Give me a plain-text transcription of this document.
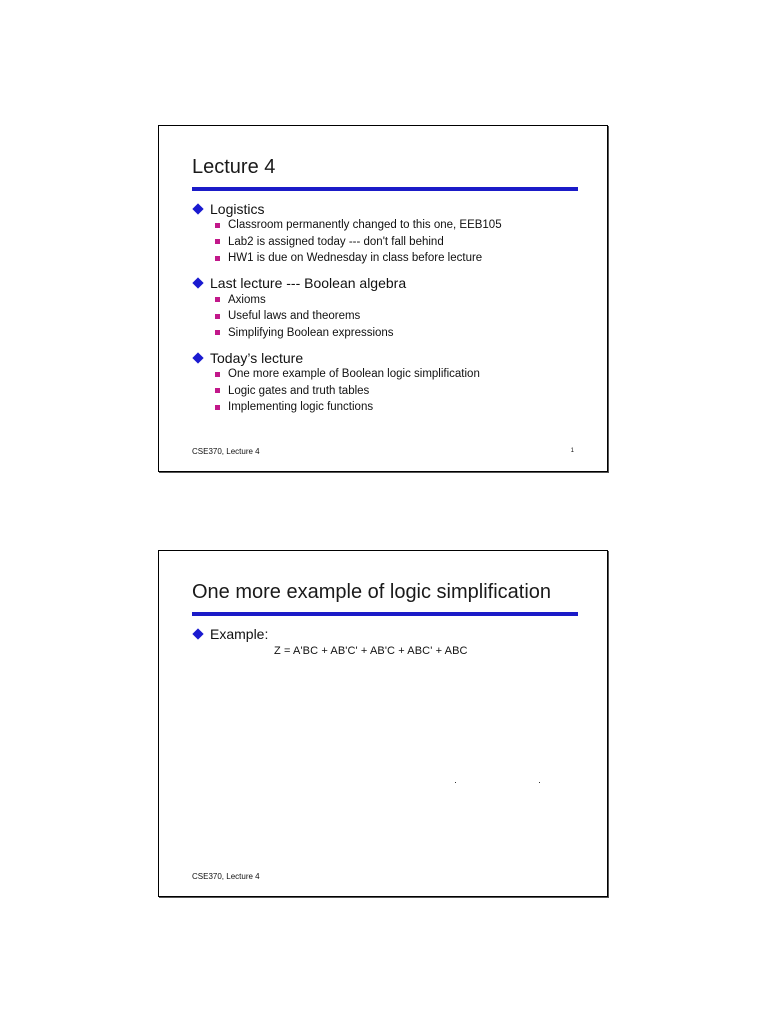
Lecture 4
Logistics
Classroom permanently changed to this one, EEB105
Lab2 is assigned today --- don't fall behind
HW1 is due on Wednesday in class before lecture
Last lecture --- Boolean algebra
Axioms
Useful laws and theorems
Simplifying Boolean expressions
Today’s lecture
One more example of Boolean logic simplification
Logic gates and truth tables
Implementing logic functions
CSE370, Lecture 4	1
One more example of logic simplification
Example:
Z = A'BC + AB'C' + AB'C + ABC' + ABC
CSE370, Lecture 4
